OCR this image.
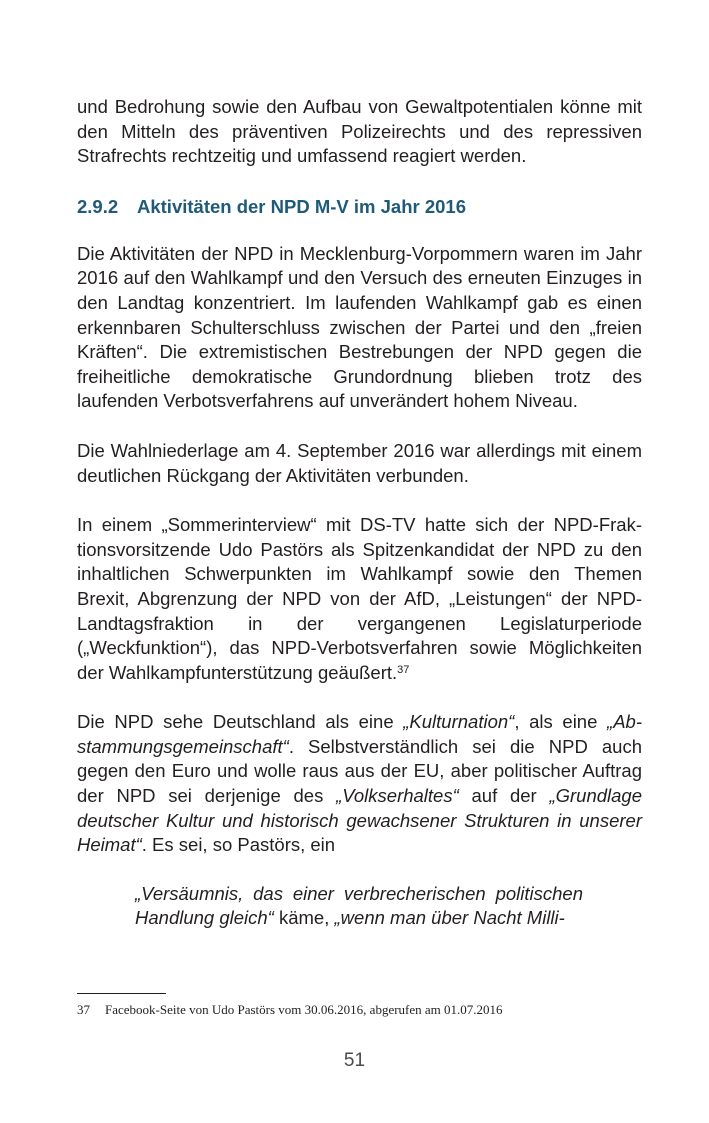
und Bedrohung sowie den Aufbau von Gewaltpotentialen könne mit den Mitteln des präventiven Polizeirechts und des repressiven Strafrechts rechtzeitig und umfassend reagiert werden.

2.9.2 Aktivitäten der NPD M-V im Jahr 2016

Die Aktivitäten der NPD in Mecklenburg-Vorpommern waren im Jahr 2016 auf den Wahlkampf und den Versuch des erneuten Einzuges in den Landtag konzentriert. Im laufenden Wahlkampf gab es einen erkennbaren Schulterschluss zwischen der Partei und den „freien Kräften“. Die extremistischen Bestrebungen der NPD gegen die freiheitliche demokratische Grundordnung blieben trotz des laufenden Verbotsverfahrens auf unverändert hohem Niveau.

Die Wahlniederlage am 4. September 2016 war allerdings mit einem deutlichen Rückgang der Aktivitäten verbunden.

In einem „Sommerinterview“ mit DS-TV hatte sich der NPD-Fraktionsvorsitzende Udo Pastörs als Spitzenkandidat der NPD zu den inhaltlichen Schwerpunkten im Wahlkampf sowie den Themen Brexit, Abgrenzung der NPD von der AfD, „Leistungen“ der NPD-Landtagsfraktion in der vergangenen Legislaturperiode („Weckfunktion“), das NPD-Verbotsverfahren sowie Möglichkeiten der Wahlkampfunterstützung geäußert.$^{37}$

Die NPD sehe Deutschland als eine „Kulturnation“, als eine „Abstammungsgemeinschaft“. Selbstverständlich sei die NPD auch gegen den Euro und wolle raus aus der EU, aber politischer Auftrag der NPD sei derjenige des „Volkserhaltes“ auf der „Grundlage deutscher Kultur und historisch gewachsener Strukturen in unserer Heimat“. Es sei, so Pastörs, ein

„Versäumnis, das einer verbrecherischen politischen Handlung gleich“ käme, „wenn man über Nacht Milli-

37 Facebook-Seite von Udo Pastörs vom 30.06.2016, abgerufen am 01.07.2016
51
